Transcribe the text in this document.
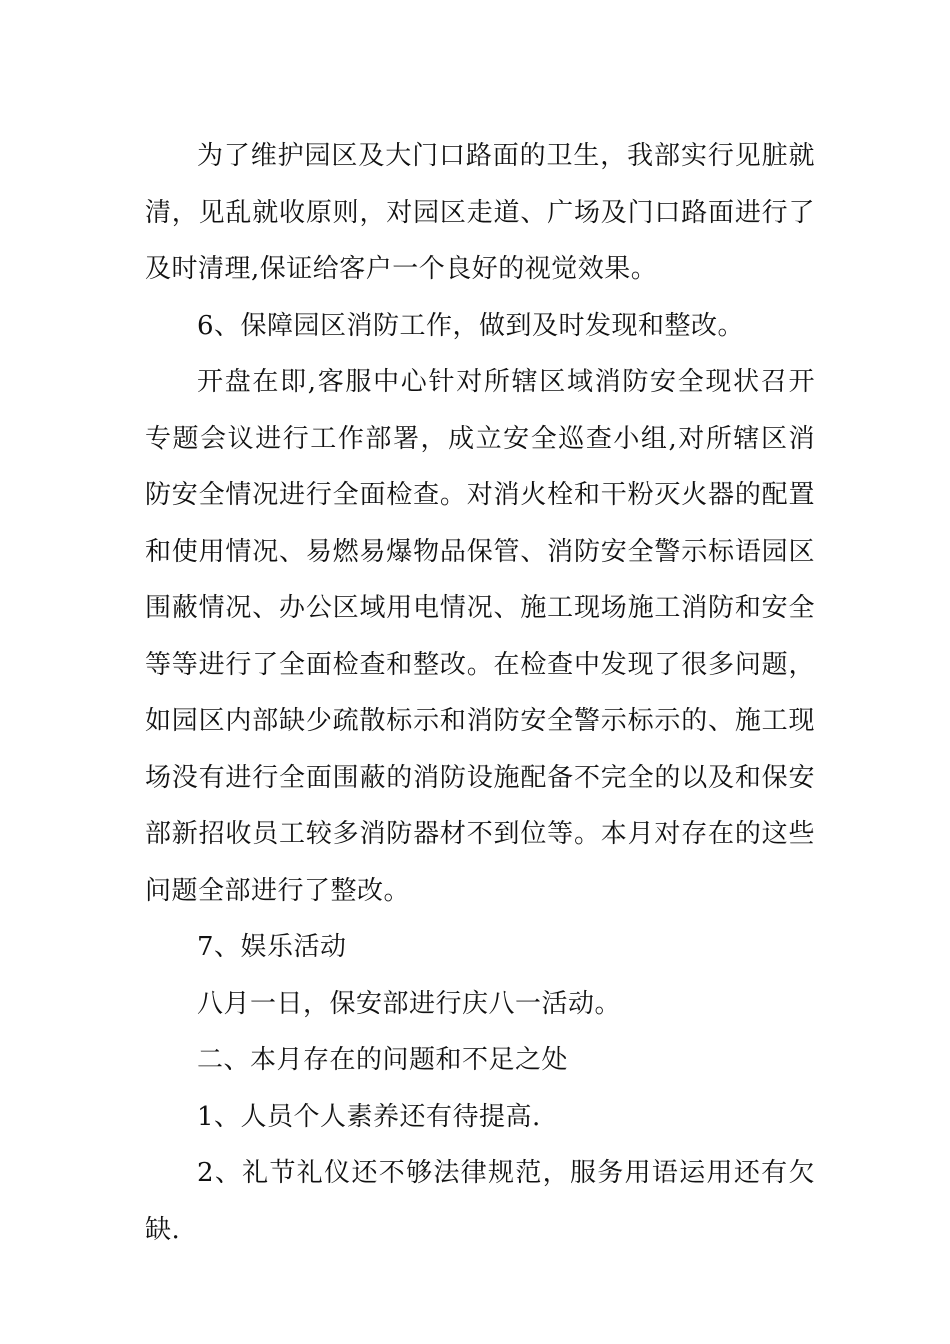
为了维护园区及大门口路面的卫生，我部实行见脏就清，见乱就收原则，对园区走道、广场及门口路面进行了及时清理,保证给客户一个良好的视觉效果。

6、保障园区消防工作，做到及时发现和整改。

开盘在即,客服中心针对所辖区域消防安全现状召开专题会议进行工作部署，成立安全巡查小组,对所辖区消防安全情况进行全面检查。对消火栓和干粉灭火器的配置和使用情况、易燃易爆物品保管、消防安全警示标语园区围蔽情况、办公区域用电情况、施工现场施工消防和安全等等进行了全面检查和整改。在检查中发现了很多问题，如园区内部缺少疏散标示和消防安全警示标示的、施工现场没有进行全面围蔽的消防设施配备不完全的以及和保安部新招收员工较多消防器材不到位等。本月对存在的这些问题全部进行了整改。

7、娱乐活动

八月一日，保安部进行庆八一活动。

二、本月存在的问题和不足之处

1、人员个人素养还有待提高.

2、礼节礼仪还不够法律规范，服务用语运用还有欠缺.
